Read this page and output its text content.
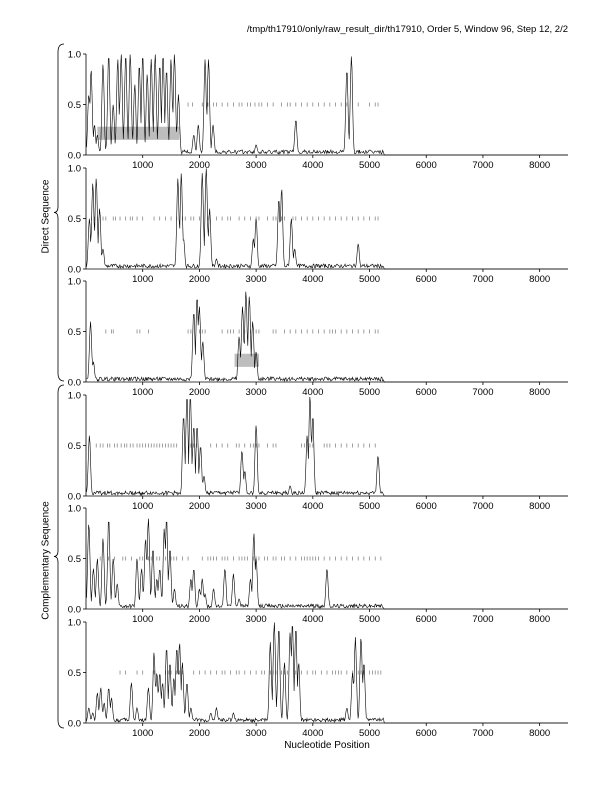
/tmp/th17910/only/raw_result_dir/th17910, Order 5, Window 96, Step 12, 2/2
0.0
0.5
1.0
1000	2000	3000	4000	5000	6000	7000	8000
0.0
0.5
1.0
1000	2000	3000	4000	5000	6000	7000	8000
0.0
0.5
1.0
1000	2000	3000	4000	5000	6000	7000	8000
0.0
0.5
1.0
1000	2000	3000	4000	5000	6000	7000	8000
0.0
0.5
1.0
1000	2000	3000	4000	5000	6000	7000	8000
0.0
0.5
1.0
1000	2000	3000	4000	5000	6000	7000	8000
Nucleotide Position
Direct Sequence
Complementary Sequence
